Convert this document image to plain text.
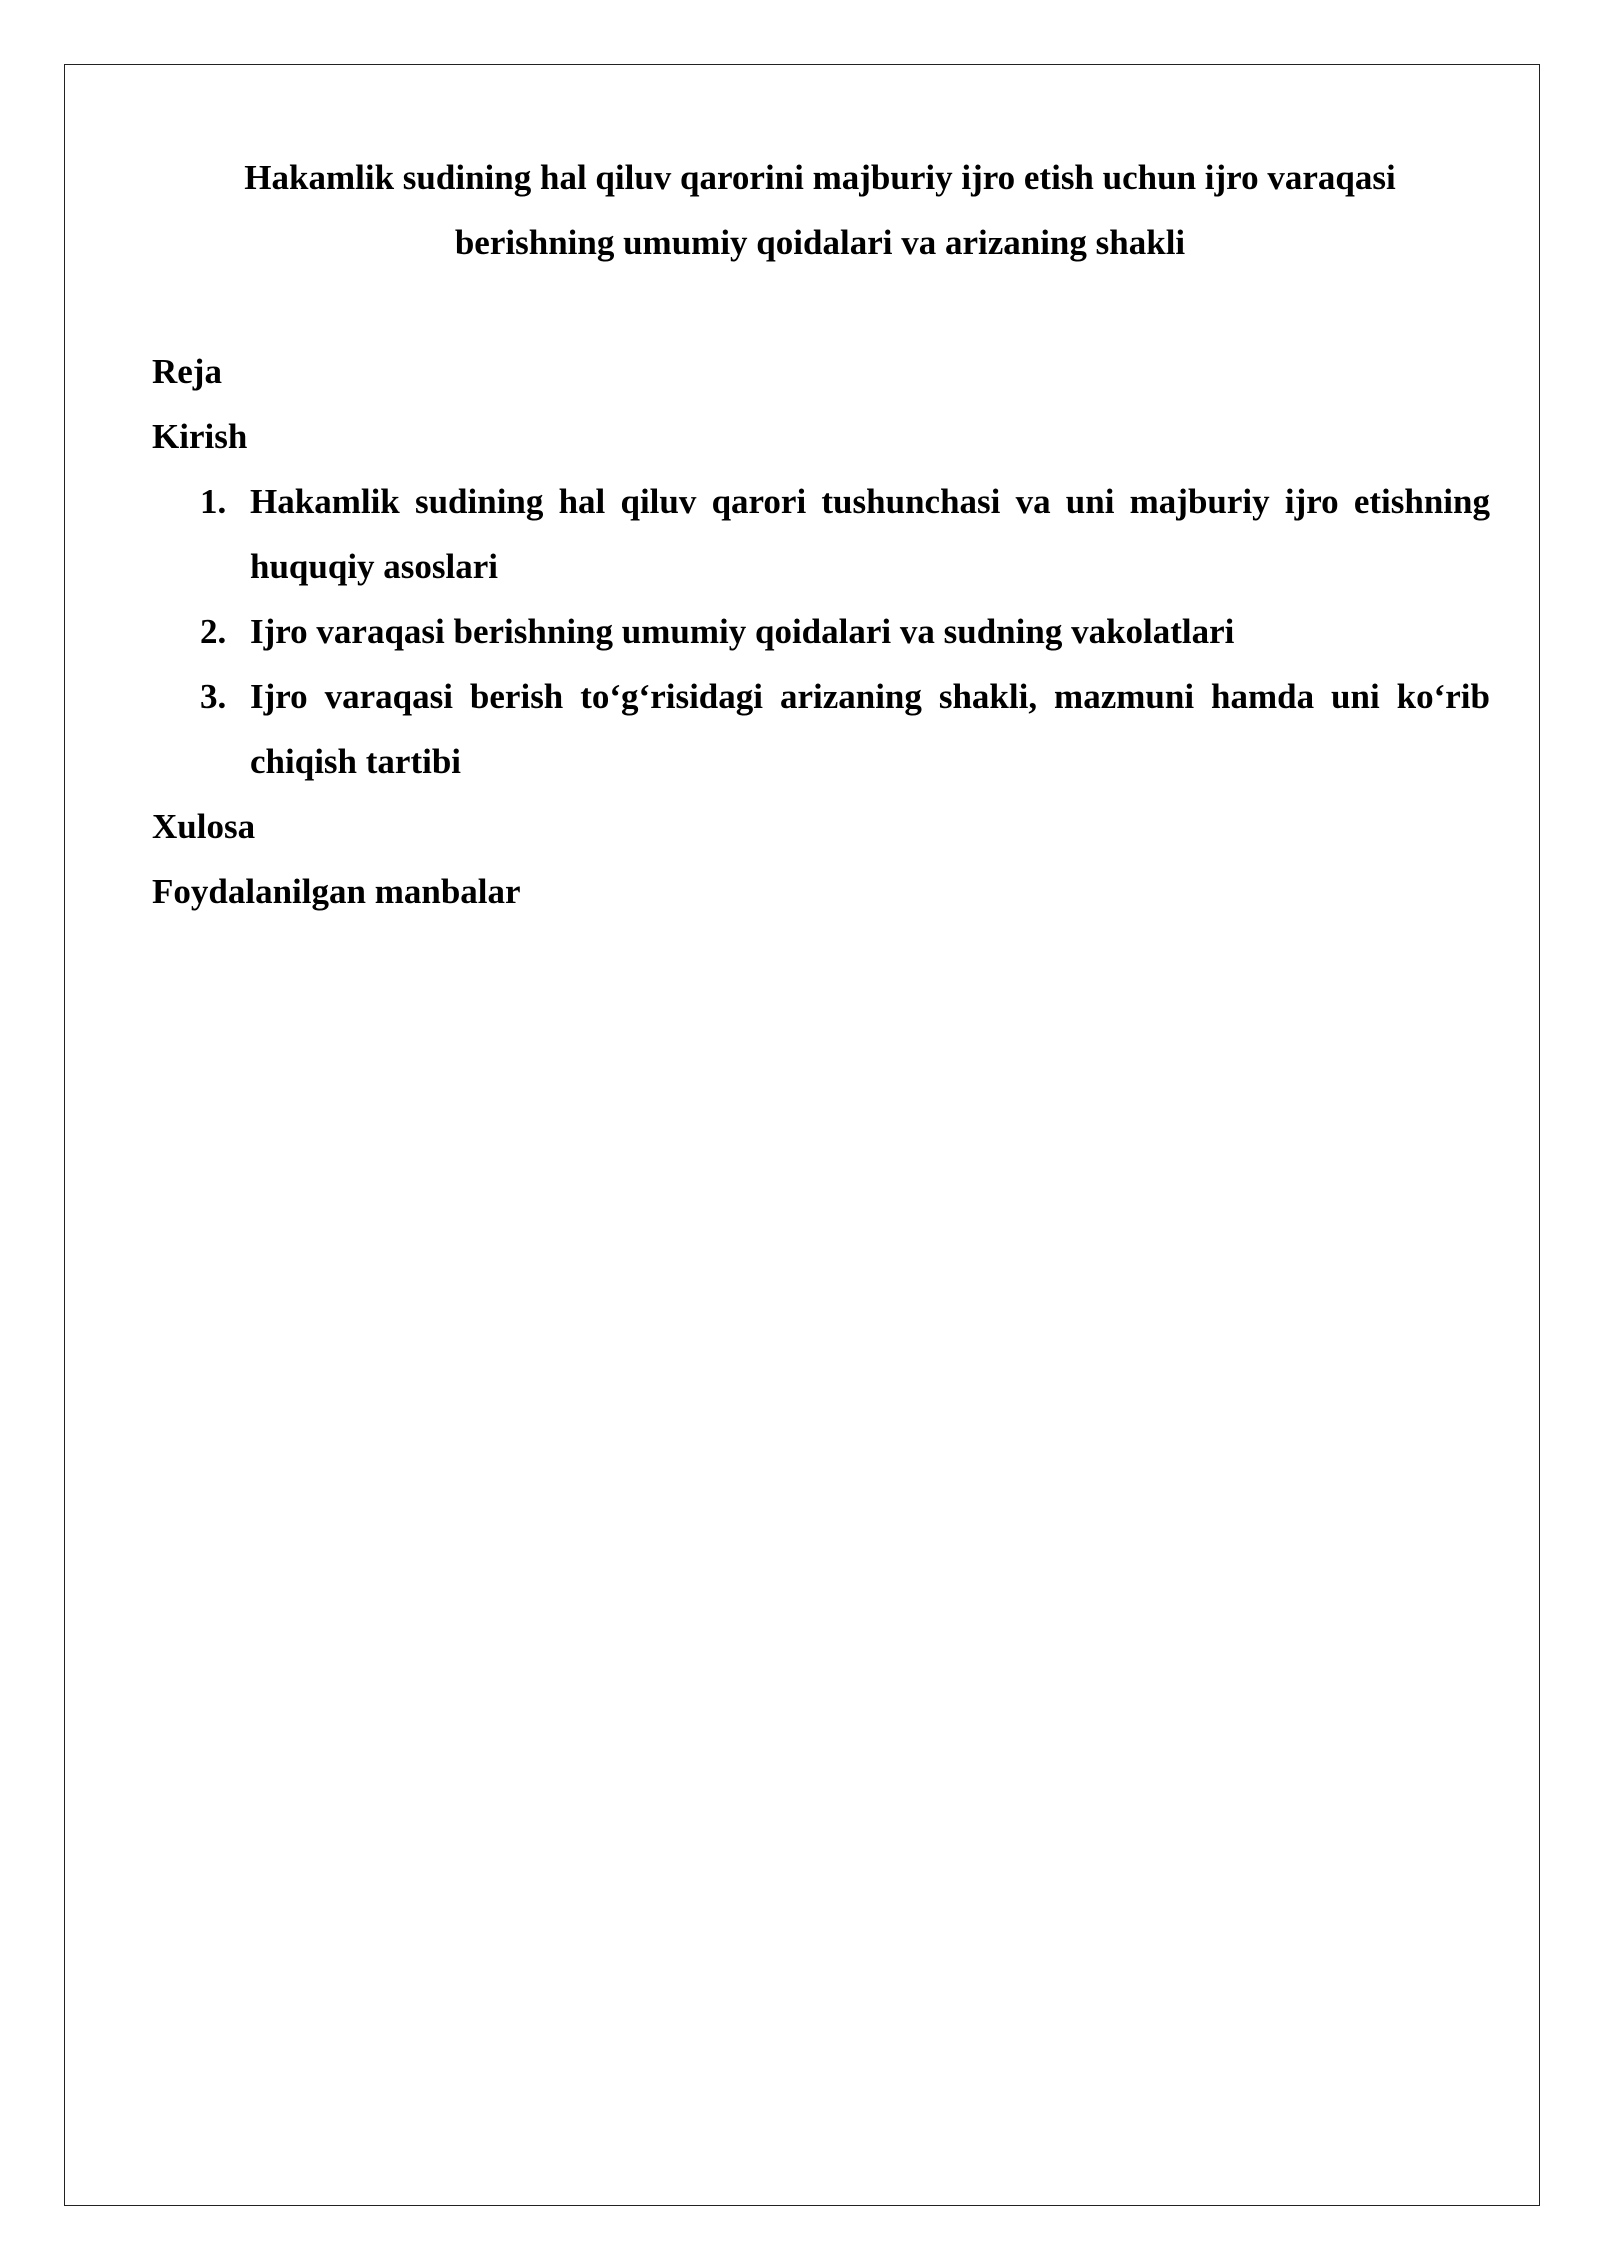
Hakamlik sudining hal qiluv qarorini majburiy ijro etish uchun ijro varaqasi
berishning umumiy qoidalari va arizaning shakli
Reja
Kirish
1. Hakamlik sudining hal qiluv qarori tushunchasi va uni majburiy ijro etishning huquqiy asoslari
2. Ijro varaqasi berishning umumiy qoidalari va sudning vakolatlari
3. Ijro varaqasi berish to‘g‘risidagi arizaning shakli, mazmuni hamda uni ko‘rib chiqish tartibi
Xulosa
Foydalanilgan manbalar
